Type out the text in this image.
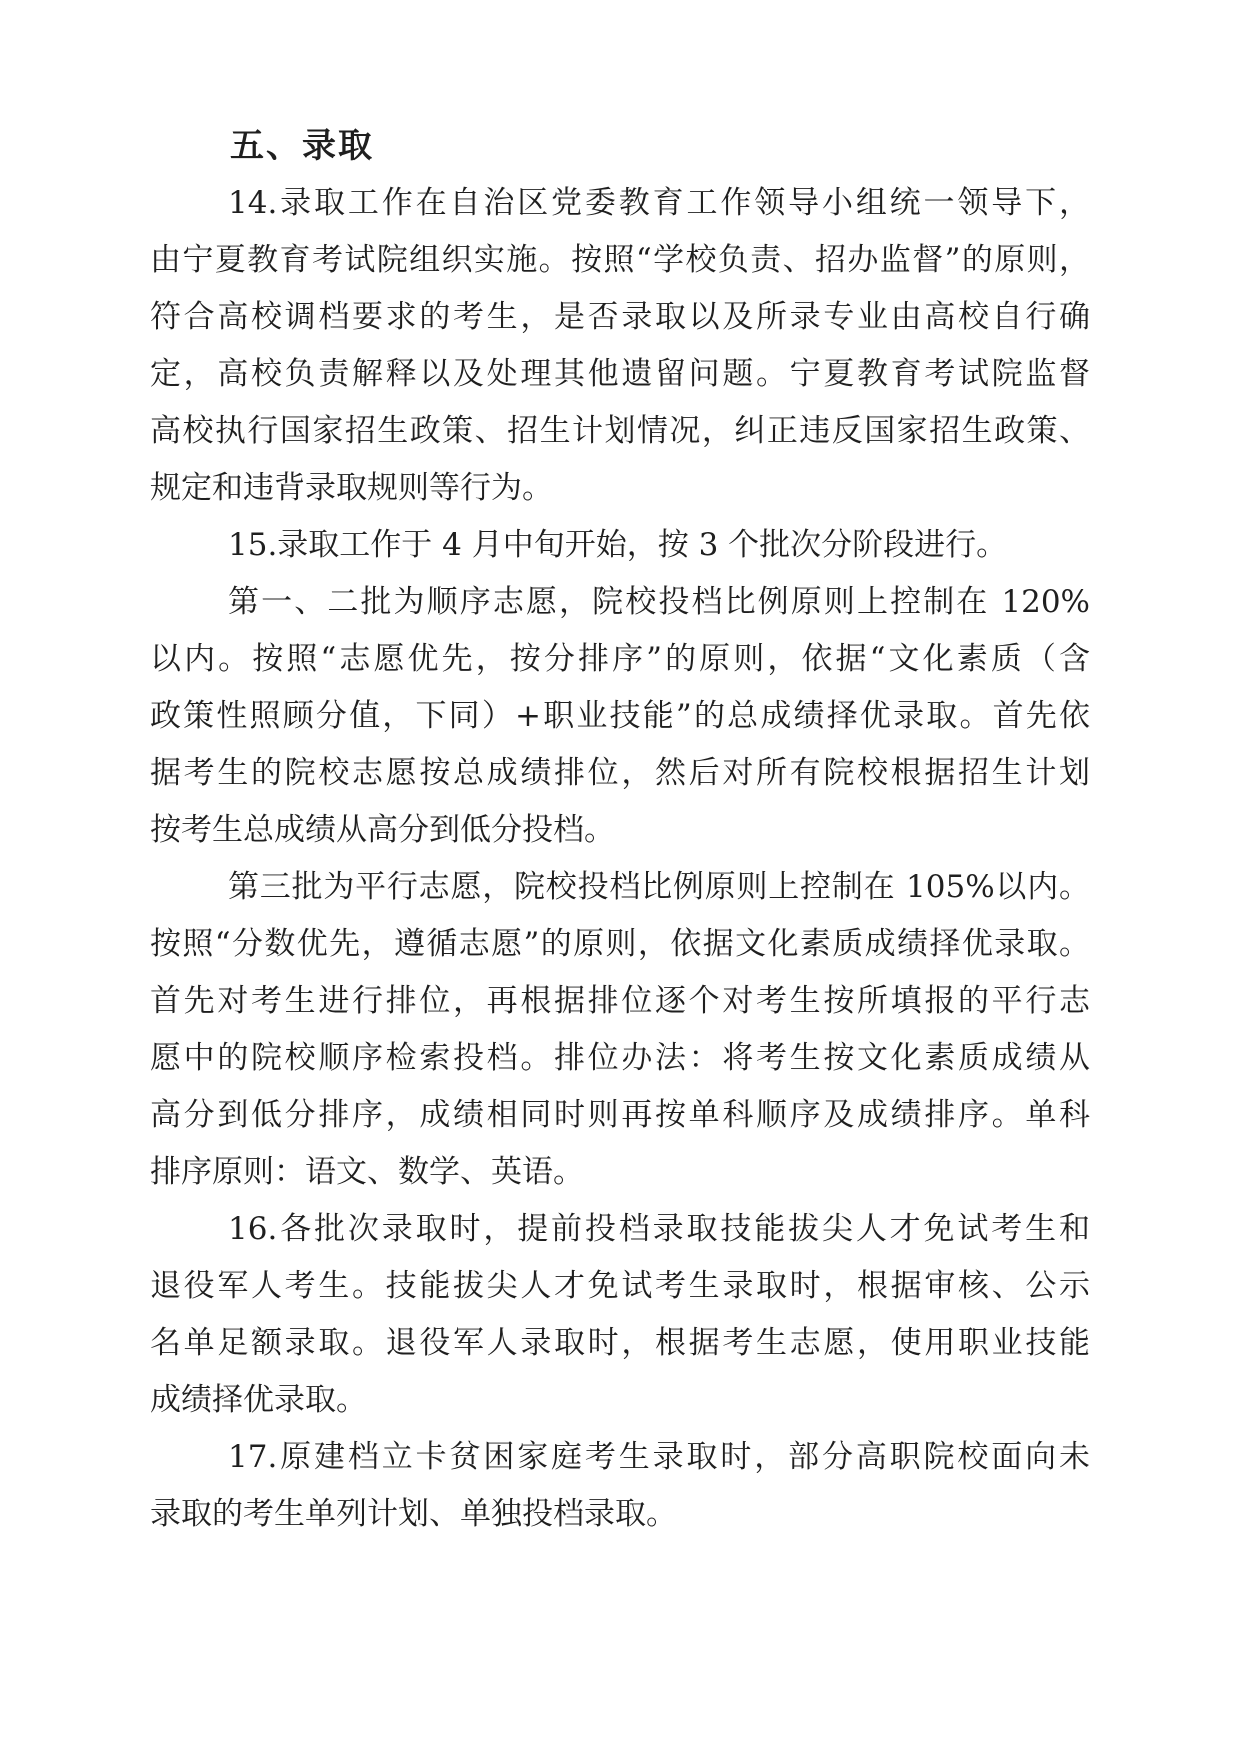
五、录取
14.录取工作在自治区党委教育工作领导小组统一领导下，
由宁夏教育考试院组织实施。按照“学校负责、招办监督”的原则，
符合高校调档要求的考生，是否录取以及所录专业由高校自行确
定，高校负责解释以及处理其他遗留问题。宁夏教育考试院监督
高校执行国家招生政策、招生计划情况，纠正违反国家招生政策、
规定和违背录取规则等行为。
15.录取工作于 4 月中旬开始，按 3 个批次分阶段进行。
第一、二批为顺序志愿，院校投档比例原则上控制在 120%
以内。按照“志愿优先，按分排序”的原则，依据“文化素质（含
政策性照顾分值，下同）+职业技能”的总成绩择优录取。首先依
据考生的院校志愿按总成绩排位，然后对所有院校根据招生计划
按考生总成绩从高分到低分投档。
第三批为平行志愿，院校投档比例原则上控制在 105%以内。
按照“分数优先，遵循志愿”的原则，依据文化素质成绩择优录取。
首先对考生进行排位，再根据排位逐个对考生按所填报的平行志
愿中的院校顺序检索投档。排位办法：将考生按文化素质成绩从
高分到低分排序，成绩相同时则再按单科顺序及成绩排序。单科
排序原则：语文、数学、英语。
16.各批次录取时，提前投档录取技能拔尖人才免试考生和
退役军人考生。技能拔尖人才免试考生录取时，根据审核、公示
名单足额录取。退役军人录取时，根据考生志愿，使用职业技能
成绩择优录取。
17.原建档立卡贫困家庭考生录取时，部分高职院校面向未
录取的考生单列计划、单独投档录取。
